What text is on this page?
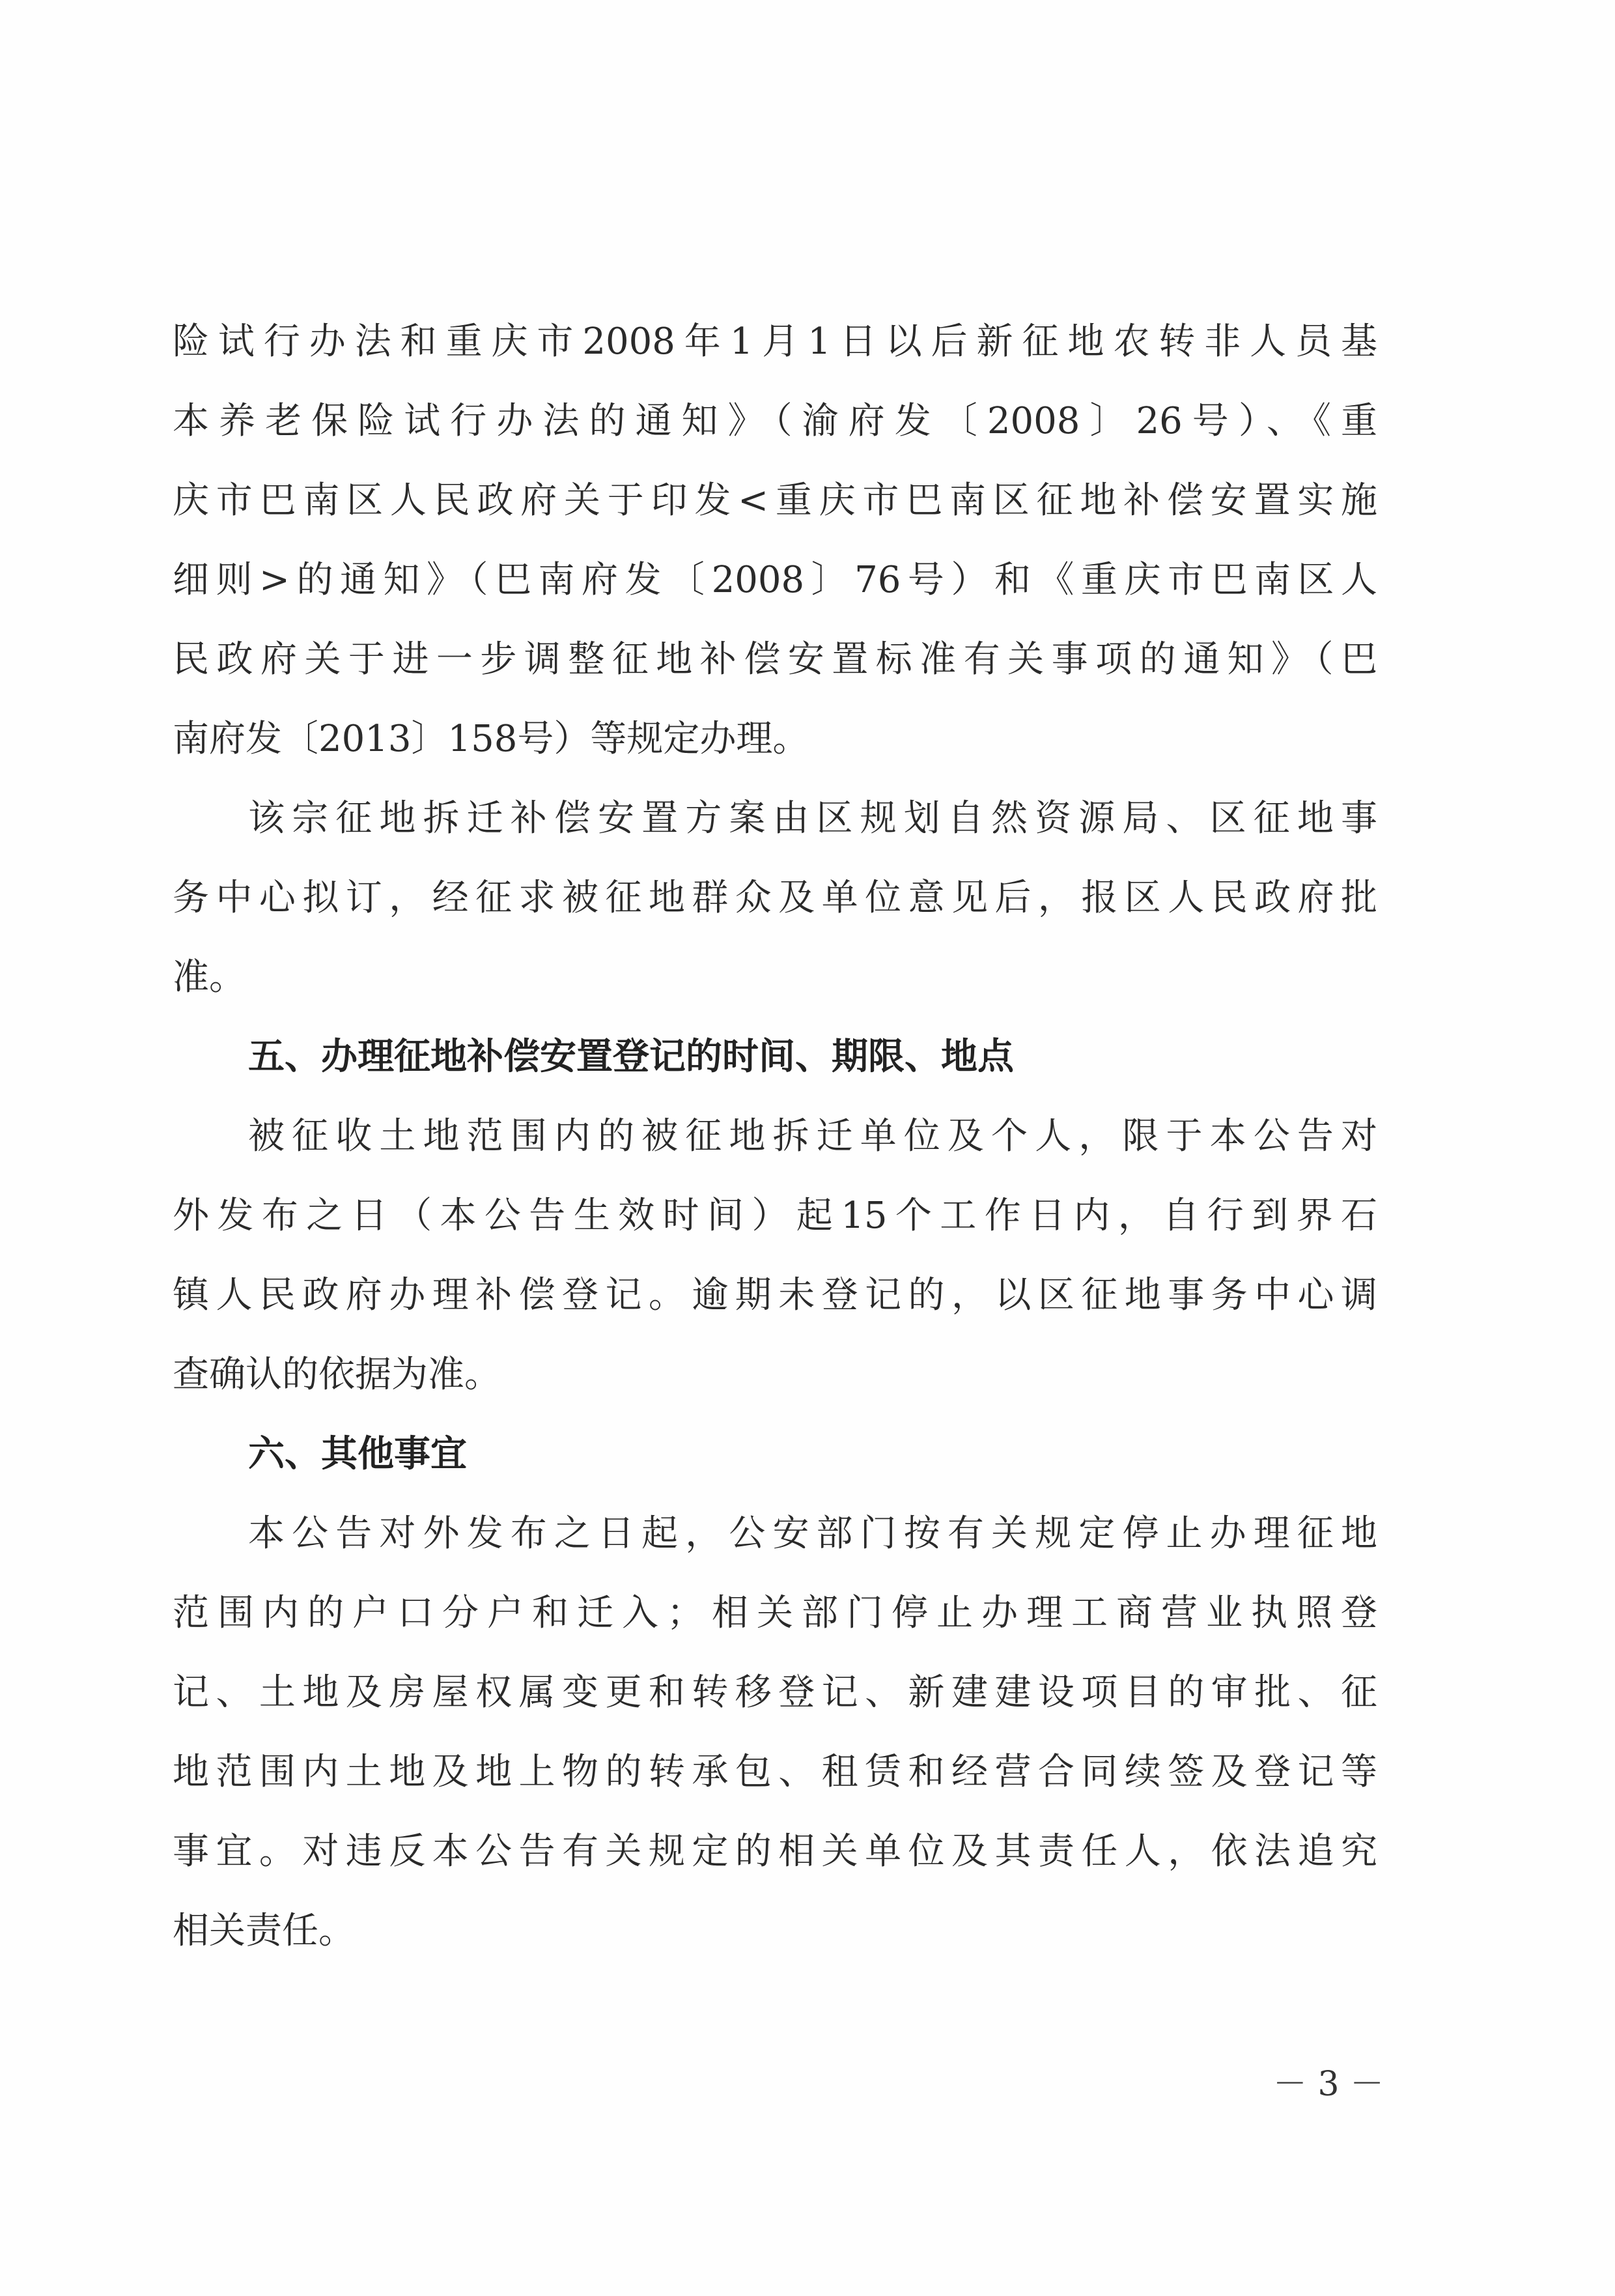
险试行办法和重庆市2008年1月1日以后新征地农转非人员基
本养老保险试行办法的通知》（渝府发〔2008〕26号）、《重
庆市巴南区人民政府关于印发<重庆市巴南区征地补偿安置实施
细则>的通知》（巴南府发〔2008〕76号）和《重庆市巴南区人
民政府关于进一步调整征地补偿安置标准有关事项的通知》（巴
南府发〔2013〕158号）等规定办理。
该宗征地拆迁补偿安置方案由区规划自然资源局、区征地事
务中心拟订，经征求被征地群众及单位意见后，报区人民政府批
准。
五、办理征地补偿安置登记的时间、期限、地点
被征收土地范围内的被征地拆迁单位及个人，限于本公告对
外发布之日（本公告生效时间）起15个工作日内，自行到界石
镇人民政府办理补偿登记。逾期未登记的，以区征地事务中心调
查确认的依据为准。
六、其他事宜
本公告对外发布之日起，公安部门按有关规定停止办理征地
范围内的户口分户和迁入；相关部门停止办理工商营业执照登
记、土地及房屋权属变更和转移登记、新建建设项目的审批、征
地范围内土地及地上物的转承包、租赁和经营合同续签及登记等
事宜。对违反本公告有关规定的相关单位及其责任人，依法追究
相关责任。
－ 3 －
